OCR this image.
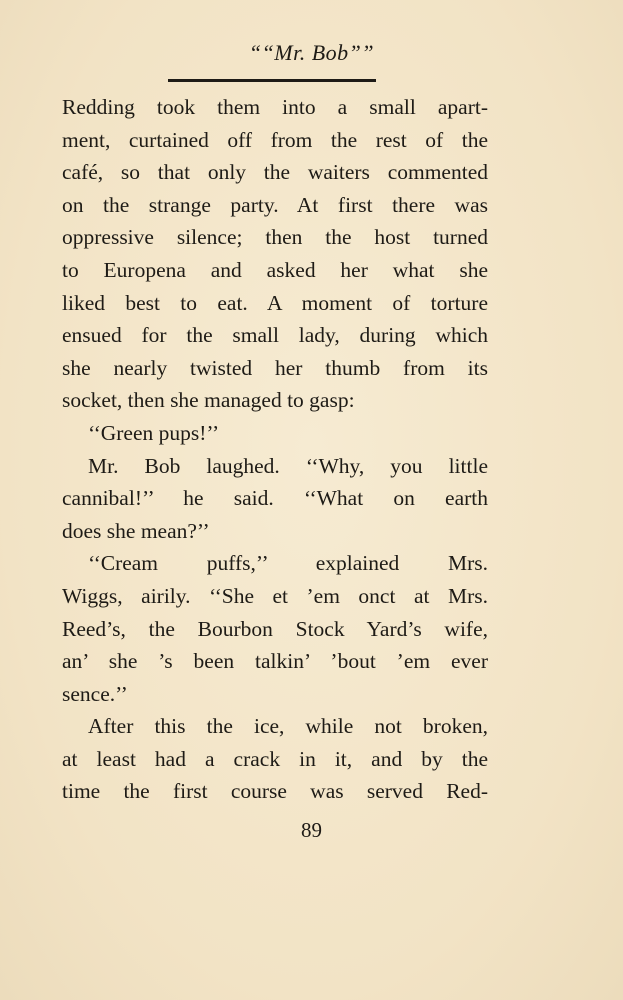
““Mr. Bob””
Redding took them into a small apart-
ment, curtained off from the rest of the
café, so that only the waiters commented
on the strange party. At first there was
oppressive silence; then the host turned
to Europena and asked her what she
liked best to eat. A moment of torture
ensued for the small lady, during which
she nearly twisted her thumb from its
socket, then she managed to gasp:
‘‘Green pups!’’
Mr. Bob laughed. ‘‘Why, you little
cannibal!’’ he said. ‘‘What on earth
does she mean?’’
‘‘Cream puffs,’’ explained Mrs.
Wiggs, airily. ‘‘She et ’em onct at Mrs.
Reed’s, the Bourbon Stock Yard’s wife,
an’ she ’s been talkin’ ’bout ’em ever
sence.’’
After this the ice, while not broken,
at least had a crack in it, and by the
time the first course was served Red-
89
